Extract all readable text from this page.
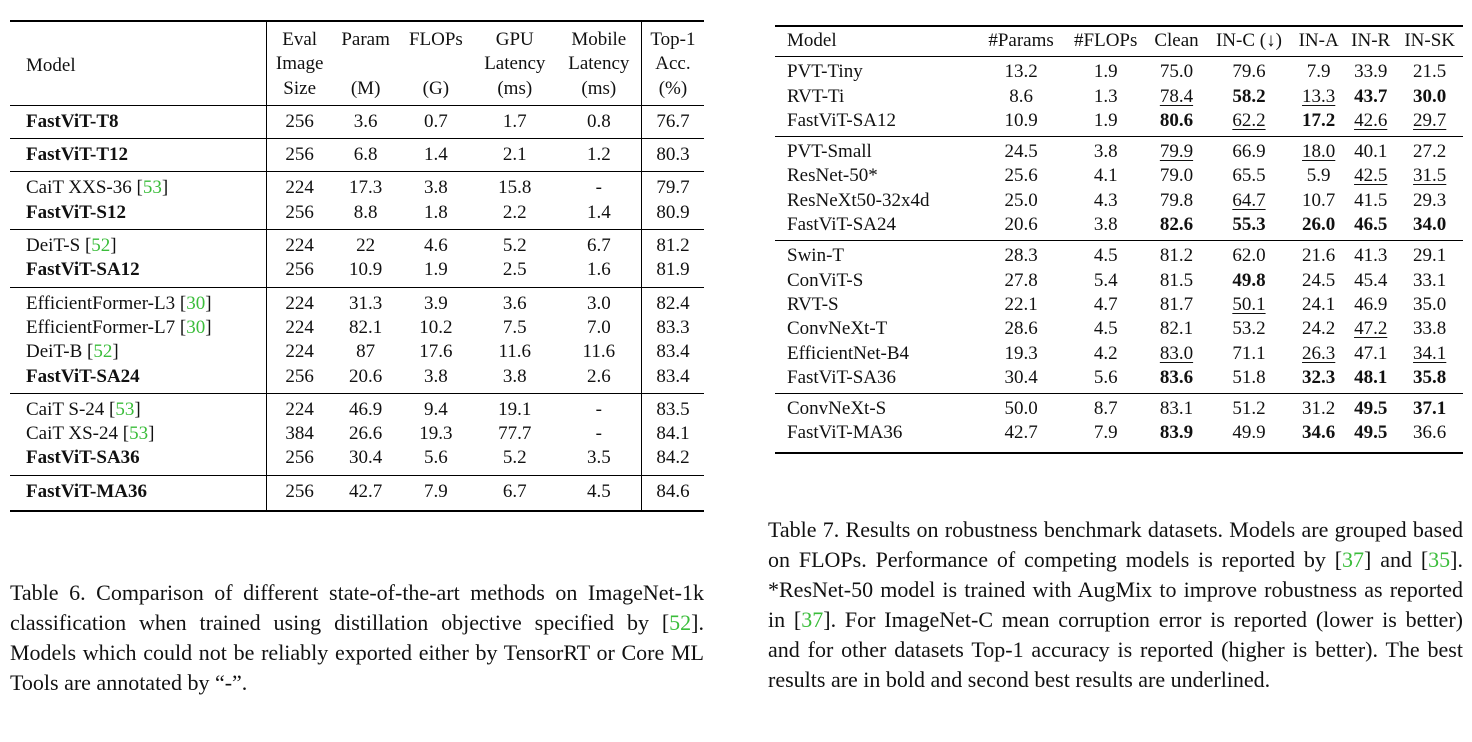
Model	Eval	Param	FLOPs	GPU	Mobile	Top-1
	Image			Latency	Latency	Acc.
	Size	(M)	(G)	(ms)	(ms)	(%)
FastViT-T8	256	3.6	0.7	1.7	0.8	76.7
FastViT-T12	256	6.8	1.4	2.1	1.2	80.3
CaiT XXS-36 [53]	224	17.3	3.8	15.8	-	79.7
FastViT-S12	256	8.8	1.8	2.2	1.4	80.9
DeiT-S [52]	224	22	4.6	5.2	6.7	81.2
FastViT-SA12	256	10.9	1.9	2.5	1.6	81.9
EfficientFormer-L3 [30]	224	31.3	3.9	3.6	3.0	82.4
EfficientFormer-L7 [30]	224	82.1	10.2	7.5	7.0	83.3
DeiT-B [52]	224	87	17.6	11.6	11.6	83.4
FastViT-SA24	256	20.6	3.8	3.8	2.6	83.4
CaiT S-24 [53]	224	46.9	9.4	19.1	-	83.5
CaiT XS-24 [53]	384	26.6	19.3	77.7	-	84.1
FastViT-SA36	256	30.4	5.6	5.2	3.5	84.2
FastViT-MA36	256	42.7	7.9	6.7	4.5	84.6
Model	#Params	#FLOPs	Clean	IN-C (↓)	IN-A	IN-R	IN-SK
PVT-Tiny	13.2	1.9	75.0	79.6	7.9	33.9	21.5
RVT-Ti	8.6	1.3	78.4	58.2	13.3	43.7	30.0
FastViT-SA12	10.9	1.9	80.6	62.2	17.2	42.6	29.7
PVT-Small	24.5	3.8	79.9	66.9	18.0	40.1	27.2
ResNet-50*	25.6	4.1	79.0	65.5	5.9	42.5	31.5
ResNeXt50-32x4d	25.0	4.3	79.8	64.7	10.7	41.5	29.3
FastViT-SA24	20.6	3.8	82.6	55.3	26.0	46.5	34.0
Swin-T	28.3	4.5	81.2	62.0	21.6	41.3	29.1
ConViT-S	27.8	5.4	81.5	49.8	24.5	45.4	33.1
RVT-S	22.1	4.7	81.7	50.1	24.1	46.9	35.0
ConvNeXt-T	28.6	4.5	82.1	53.2	24.2	47.2	33.8
EfficientNet-B4	19.3	4.2	83.0	71.1	26.3	47.1	34.1
FastViT-SA36	30.4	5.6	83.6	51.8	32.3	48.1	35.8
ConvNeXt-S	50.0	8.7	83.1	51.2	31.2	49.5	37.1
FastViT-MA36	42.7	7.9	83.9	49.9	34.6	49.5	36.6

Table 6. Comparison of different state-of-the-art methods on ImageNet-1k classification when trained using distillation objective specified by [52]. Models which could not be reliably exported either by TensorRT or Core ML Tools are annotated by “-”.

Table 7. Results on robustness benchmark datasets. Models are grouped based on FLOPs. Performance of competing models is reported by [37] and [35]. *ResNet-50 model is trained with AugMix to improve robustness as reported in [37]. For ImageNet-C mean corruption error is reported (lower is better) and for other datasets Top-1 accuracy is reported (higher is better). The best results are in bold and second best results are underlined.
